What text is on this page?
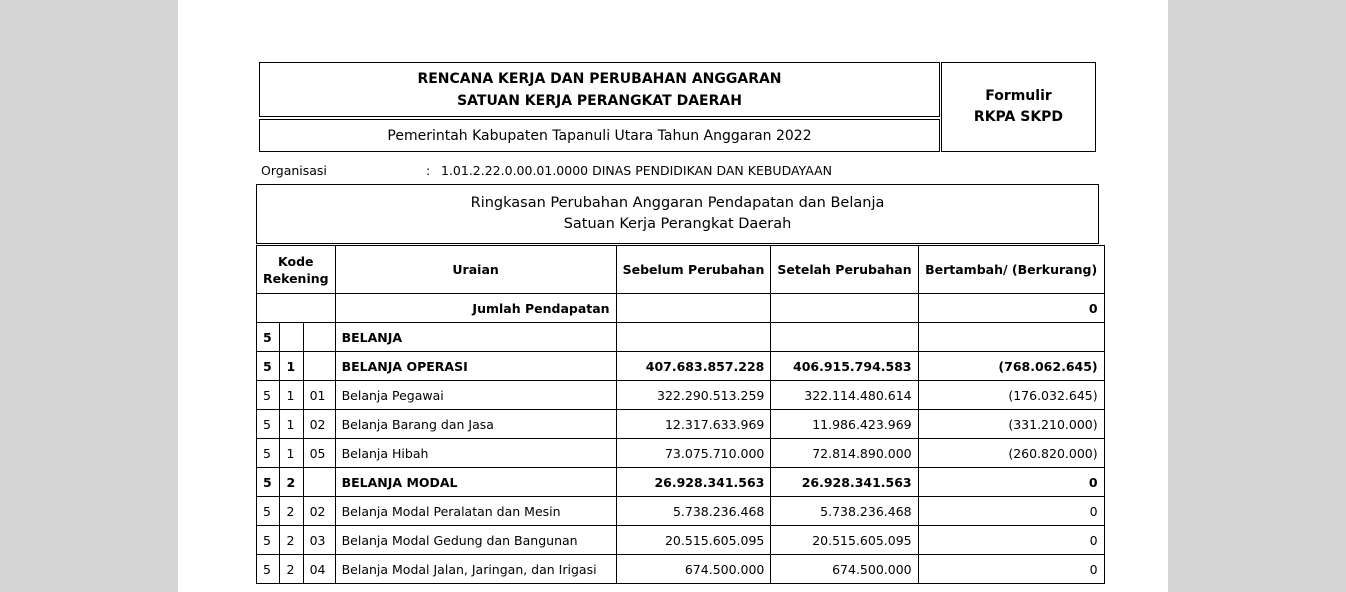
RENCANA KERJA DAN PERUBAHAN ANGGARAN
SATUAN KERJA PERANGKAT DAERAH
Pemerintah Kabupaten Tapanuli Utara Tahun Anggaran 2022
Formulir
RKPA SKPD
Organisasi	: 1.01.2.22.0.00.01.0000 DINAS PENDIDIKAN DAN KEBUDAYAAN
Ringkasan Perubahan Anggaran Pendapatan dan Belanja
Satuan Kerja Perangkat Daerah
Kode
Rekening			Uraian	Sebelum Perubahan	Setelah Perubahan	Bertambah/ (Berkurang)
			Jumlah Pendapatan			0
5			BELANJA			
5	1		BELANJA OPERASI	407.683.857.228	406.915.794.583	(768.062.645)
5	1	01	Belanja Pegawai	322.290.513.259	322.114.480.614	(176.032.645)
5	1	02	Belanja Barang dan Jasa	12.317.633.969	11.986.423.969	(331.210.000)
5	1	05	Belanja Hibah	73.075.710.000	72.814.890.000	(260.820.000)
5	2		BELANJA MODAL	26.928.341.563	26.928.341.563	0
5	2	02	Belanja Modal Peralatan dan Mesin	5.738.236.468	5.738.236.468	0
5	2	03	Belanja Modal Gedung dan Bangunan	20.515.605.095	20.515.605.095	0
5	2	04	Belanja Modal Jalan, Jaringan, dan Irigasi	674.500.000	674.500.000	0
